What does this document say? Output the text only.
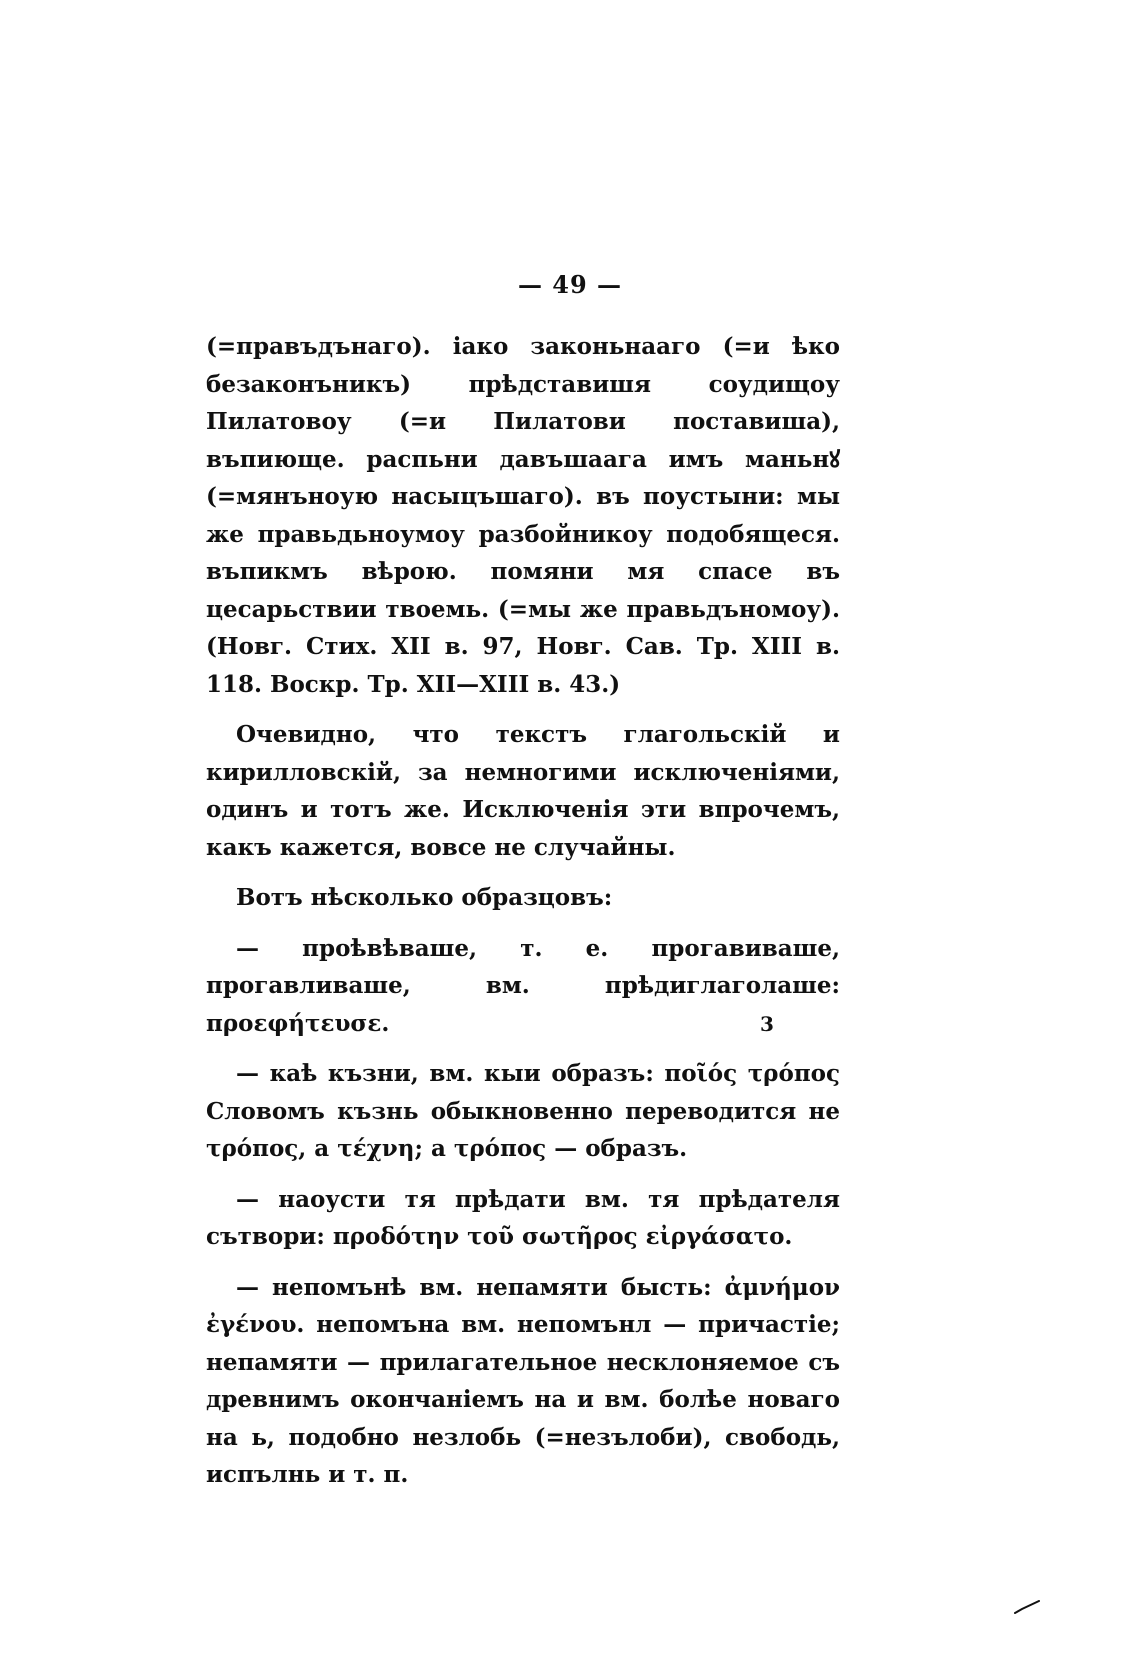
— 49 —

(=правъдънаго). іако законьнааго (=и ѣко безаконъникъ) прѣдставишя соудищоу Пилатовоу (=и Пилатови поставиша), въпиюще. распьни давъшаага имъ маньнꙋ (=мянъноую насыцъшаго). въ поустыни: мы же правьдьноумоу разбойникоу подобящеся. въпикмъ вѣрою. помяни мя спасе въ цесарьствии твоемь. (=мы же правьдъномоу). (Новг. Стих. XII в. 97, Новг. Сав. Тр. XIII в. 118. Воскр. Тр. XII—XIII в. 43.)

Очевидно, что текстъ глагольскій и кирилловскій, за немногими исключеніями, одинъ и тотъ же. Исключенія эти впрочемъ, какъ кажется, вовсе не случайны.

Вотъ нѣсколько образцовъ:

— проѣвѣваше, т. е. прогавиваше, прогавливаше, вм. прѣдиглаголаше: προεφήτευσε.

— каѣ къзни, вм. кыи образъ: ποῖός τρόπος Словомъ къзнь обыкновенно переводится не τρόπος, а τέχνη; а τρόπος — образъ.

— наоусти тя прѣдати вм. тя прѣдателя сътвори: προδότην τοῦ σωτῆρος εἰργάσατο.

— непомънѣ вм. непамяти бысть: ἀμνήμον ἐγένου. непомъна вм. непомънл — причастіе; непамяти — прилагательное несклоняемое съ древнимъ окончаніемъ на и вм. болѣе новаго на ь, подобно незлобь (=незълоби), свободь, испълнь и т. п.

3
